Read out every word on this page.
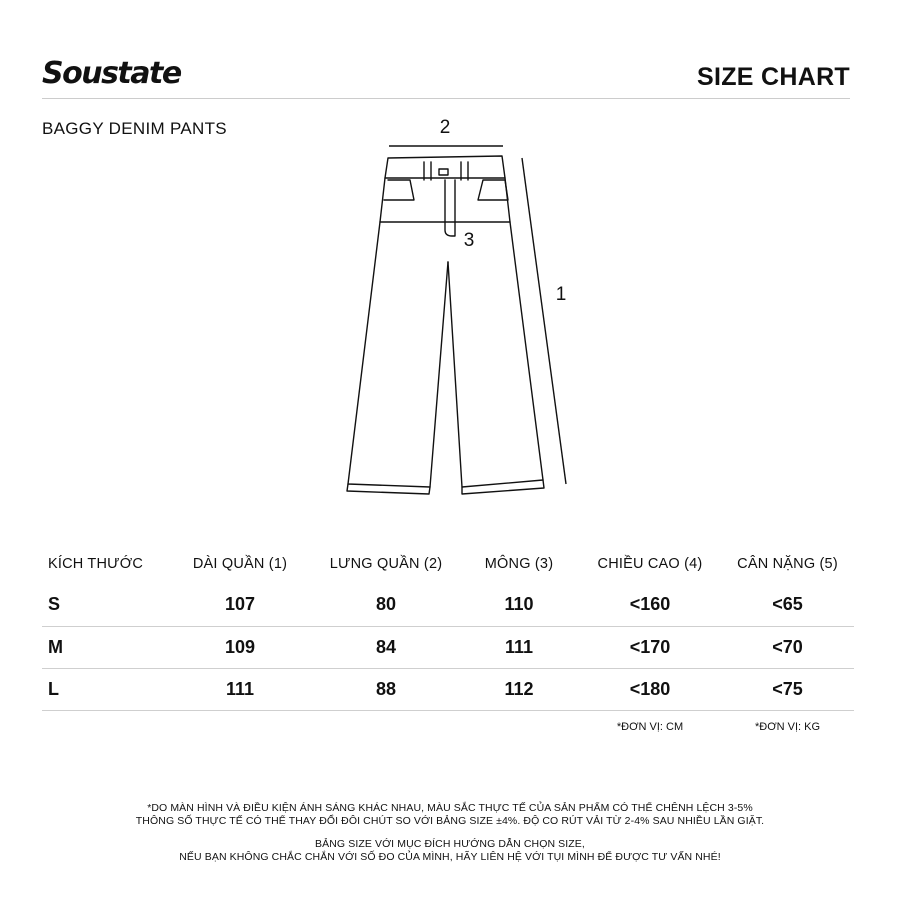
Soustate	SIZE CHART
BAGGY DENIM PANTS	2
3
1
KÍCH THƯỚC	DÀI QUẦN (1)	LƯNG QUẦN (2)	MÔNG (3)	CHIỀU CAO (4)	CÂN NẶNG (5)
S	107	80	110	<160	<65
M	109	84	111	<170	<70
L	111	88	112	<180	<75
				*ĐƠN VỊ: CM	*ĐƠN VỊ: KG
*DO MÀN HÌNH VÀ ĐIỀU KIỆN ÁNH SÁNG KHÁC NHAU, MÀU SẮC THỰC TẾ CỦA SẢN PHẨM CÓ THỂ CHÊNH LỆCH 3-5%
THÔNG SỐ THỰC TẾ CÓ THỂ THAY ĐỔI ĐÔI CHÚT SO VỚI BẢNG SIZE ±4%. ĐỘ CO RÚT VẢI TỪ 2-4% SAU NHIỀU LẦN GIẶT.
BẢNG SIZE VỚI MỤC ĐÍCH HƯỚNG DẪN CHỌN SIZE,
NẾU BẠN KHÔNG CHẮC CHẮN VỚI SỐ ĐO CỦA MÌNH, HÃY LIÊN HỆ VỚI TỤI MÌNH ĐỂ ĐƯỢC TƯ VẤN NHÉ!
